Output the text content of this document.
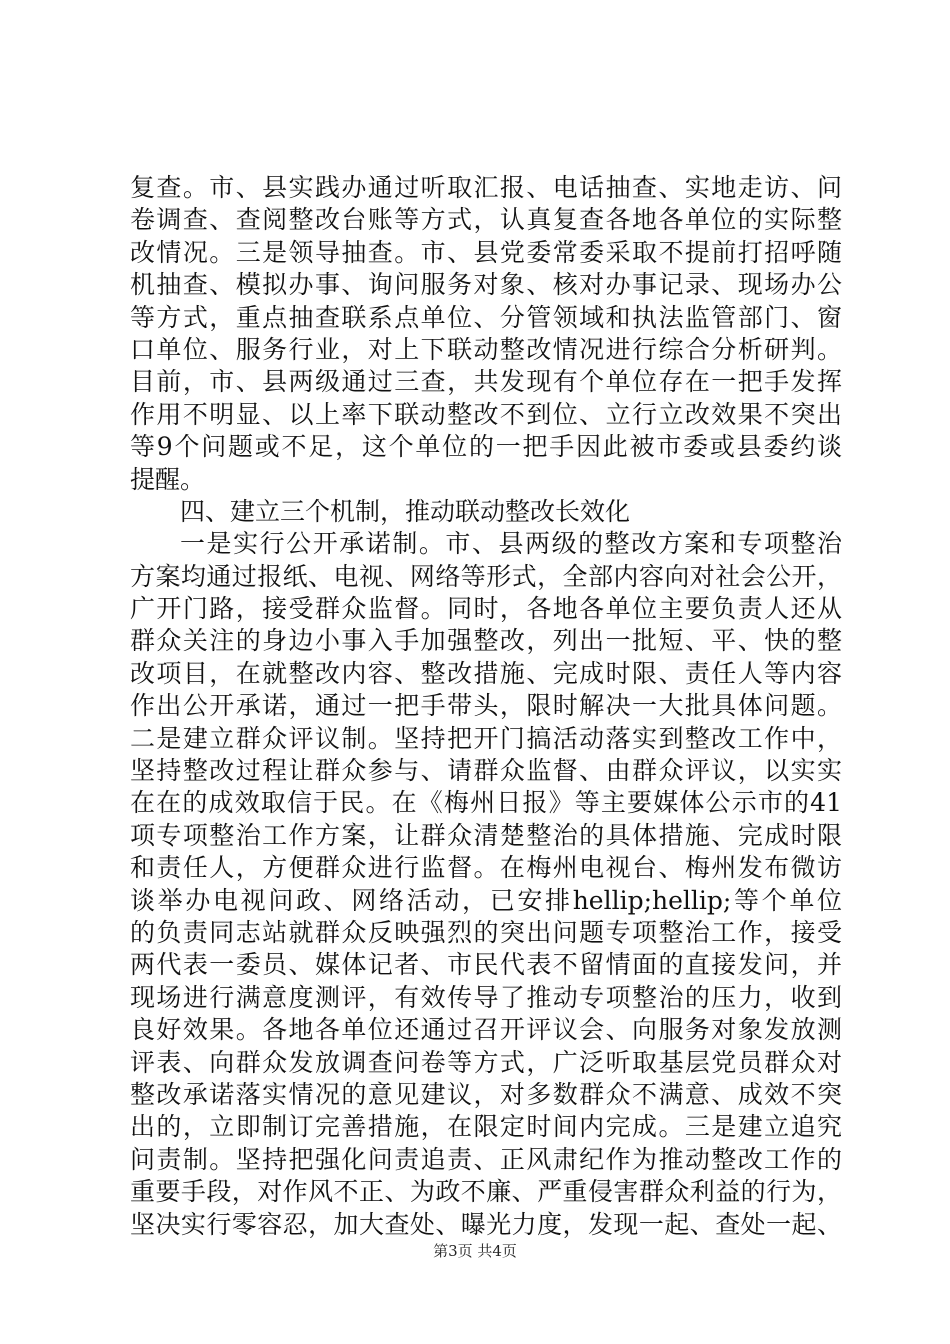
复查。市、县实践办通过听取汇报、电话抽查、实地走访、问
卷调查、查阅整改台账等方式，认真复查各地各单位的实际整
改情况。三是领导抽查。市、县党委常委采取不提前打招呼随
机抽查、模拟办事、询问服务对象、核对办事记录、现场办公
等方式，重点抽查联系点单位、分管领域和执法监管部门、窗
口单位、服务行业，对上下联动整改情况进行综合分析研判。
目前，市、县两级通过三查，共发现有个单位存在一把手发挥
作用不明显、以上率下联动整改不到位、立行立改效果不突出
等9个问题或不足，这个单位的一把手因此被市委或县委约谈
提醒。
四、建立三个机制，推动联动整改长效化
一是实行公开承诺制。市、县两级的整改方案和专项整治
方案均通过报纸、电视、网络等形式，全部内容向对社会公开，
广开门路，接受群众监督。同时，各地各单位主要负责人还从
群众关注的身边小事入手加强整改，列出一批短、平、快的整
改项目，在就整改内容、整改措施、完成时限、责任人等内容
作出公开承诺，通过一把手带头，限时解决一大批具体问题。
二是建立群众评议制。坚持把开门搞活动落实到整改工作中，
坚持整改过程让群众参与、请群众监督、由群众评议，以实实
在在的成效取信于民。在《梅州日报》等主要媒体公示市的41
项专项整治工作方案，让群众清楚整治的具体措施、完成时限
和责任人，方便群众进行监督。在梅州电视台、梅州发布微访
谈举办电视问政、网络活动，已安排hellip;hellip;等个单位
的负责同志站就群众反映强烈的突出问题专项整治工作，接受
两代表一委员、媒体记者、市民代表不留情面的直接发问，并
现场进行满意度测评，有效传导了推动专项整治的压力，收到
良好效果。各地各单位还通过召开评议会、向服务对象发放测
评表、向群众发放调查问卷等方式，广泛听取基层党员群众对
整改承诺落实情况的意见建议，对多数群众不满意、成效不突
出的，立即制订完善措施，在限定时间内完成。三是建立追究
问责制。坚持把强化问责追责、正风肃纪作为推动整改工作的
重要手段，对作风不正、为政不廉、严重侵害群众利益的行为，
坚决实行零容忍，加大查处、曝光力度，发现一起、查处一起、
第3页 共4页
